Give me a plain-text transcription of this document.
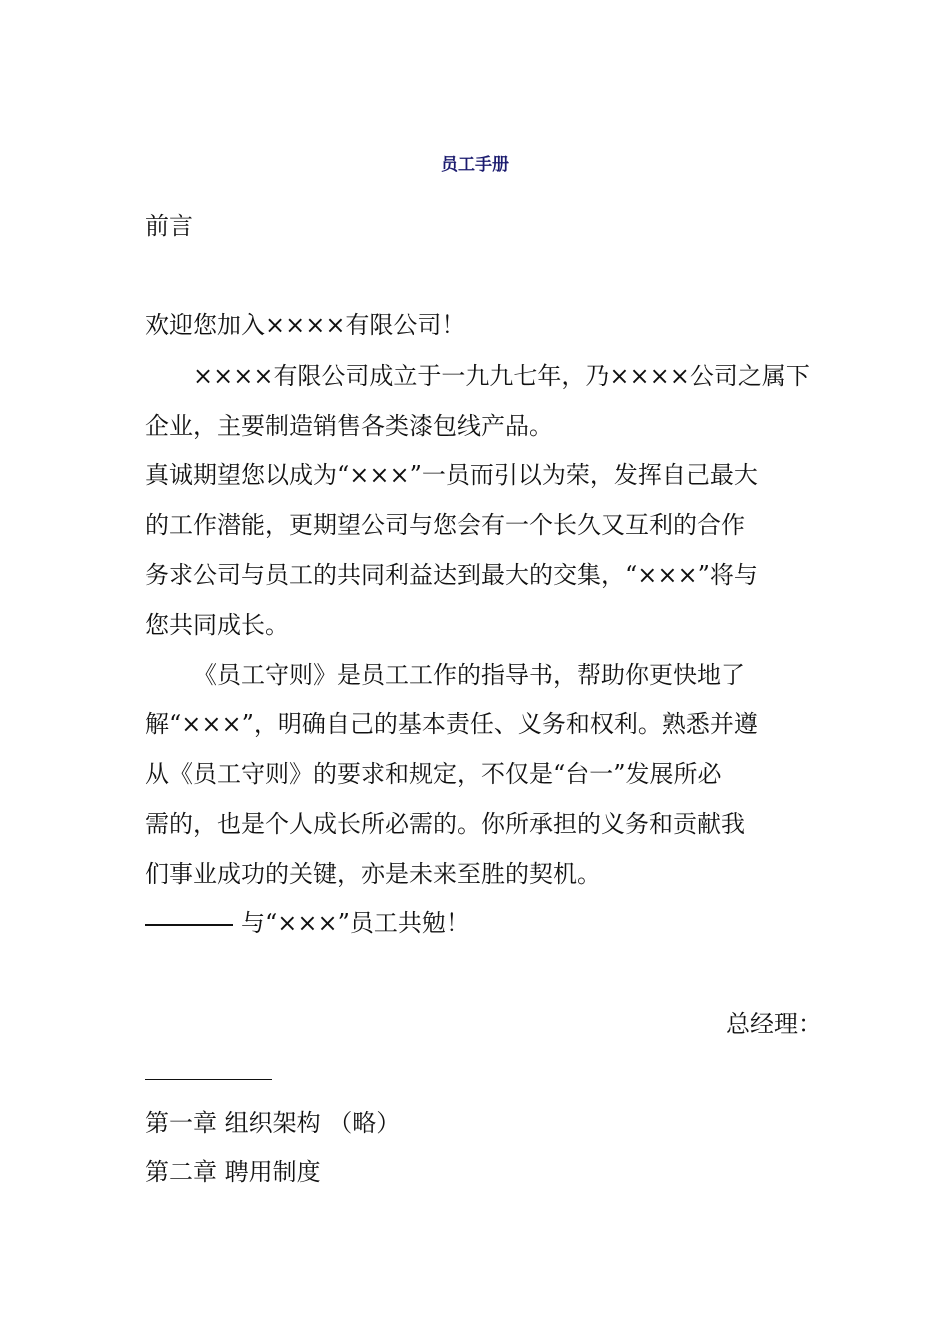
员工手册
前言
欢迎您加入××××有限公司！
××××有限公司成立于一九九七年，乃××××公司之属下
企业，主要制造销售各类漆包线产品。
真诚期望您以成为“×××”一员而引以为荣，发挥自己最大
的工作潜能，更期望公司与您会有一个长久又互利的合作
务求公司与员工的共同利益达到最大的交集，“×××”将与
您共同成长。
《员工守则》是员工工作的指导书，帮助你更快地了
解“×××”，明确自己的基本责任、义务和权利。熟悉并遵
从《员工守则》的要求和规定，不仅是“台一”发展所必
需的，也是个人成长所必需的。你所承担的义务和贡献我
们事业成功的关键，亦是未来至胜的契机。
与“×××”员工共勉！
总经理：
第一章 组织架构 （略）
第二章 聘用制度
